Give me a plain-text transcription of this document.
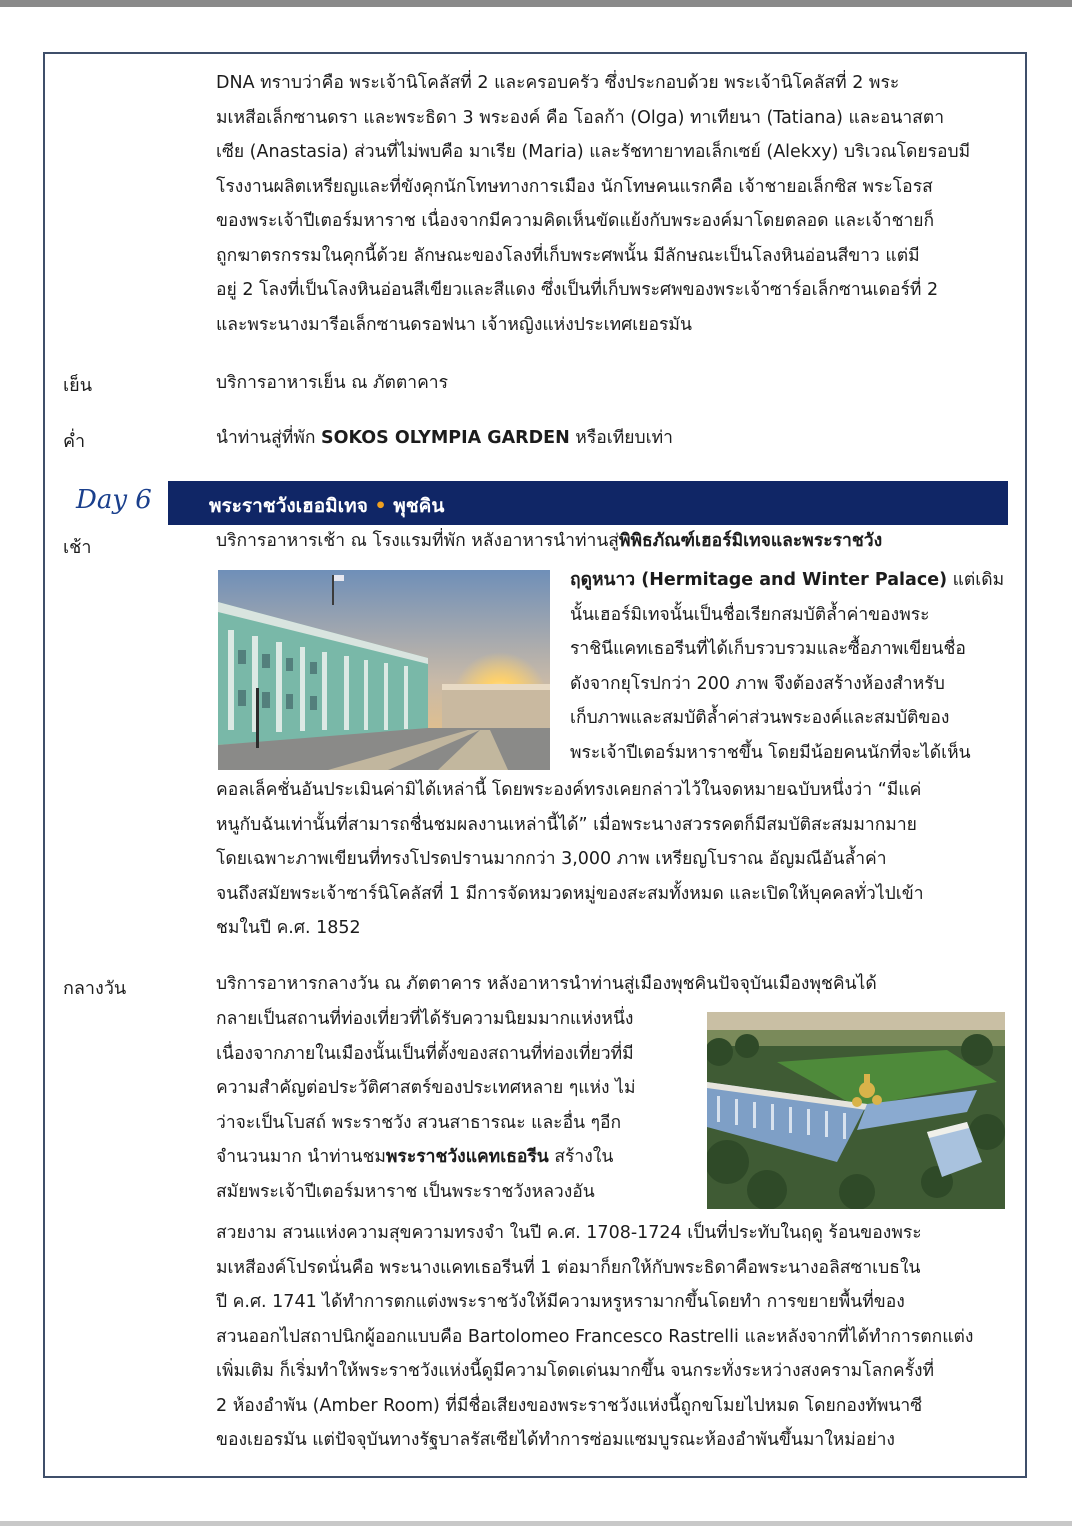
DNA ทราบว่าคือ พระเจ้านิโคลัสที่ 2 และครอบครัว ซึ่งประกอบด้วย พระเจ้านิโคลัสที่ 2 พระ
มเหสีอเล็กซานดรา และพระธิดา 3 พระองค์ คือ โอลก้า (Olga) ทาเทียนา (Tatiana) และอนาสตา
เซีย (Anastasia) ส่วนที่ไม่พบคือ มาเรีย (Maria) และรัชทายาทอเล็กเซย์ (Alekxy) บริเวณโดยรอบมี
โรงงานผลิตเหรียญและที่ขังคุกนักโทษทางการเมือง นักโทษคนแรกคือ เจ้าชายอเล็กซิส พระโอรส
ของพระเจ้าปีเตอร์มหาราช เนื่องจากมีความคิดเห็นขัดแย้งกับพระองค์มาโดยตลอด และเจ้าชายก็
ถูกฆาตรกรรมในคุกนี้ด้วย ลักษณะของโลงที่เก็บพระศพนั้น มีลักษณะเป็นโลงหินอ่อนสีขาว แต่มี
อยู่ 2 โลงที่เป็นโลงหินอ่อนสีเขียวและสีแดง ซึ่งเป็นที่เก็บพระศพของพระเจ้าซาร์อเล็กซานเดอร์ที่ 2
และพระนางมารีอเล็กซานดรอฟนา เจ้าหญิงแห่งประเทศเยอรมัน
เย็น	บริการอาหารเย็น ณ ภัตตาคาร
ค่ำ	นำท่านสู่ที่พัก SOKOS OLYMPIA GARDEN หรือเทียบเท่า
Day 6	พระราชวังเฮอมิเทจ • พุชคิน
เช้า	บริการอาหารเช้า ณ โรงแรมที่พัก หลังอาหารนำท่านสู่พิพิธภัณฑ์เฮอร์มิเทจและพระราชวัง
ฤดูหนาว (Hermitage and Winter Palace) แต่เดิม
นั้นเฮอร์มิเทจนั้นเป็นชื่อเรียกสมบัติล้ำค่าของพระ
ราชินีแคทเธอรีนที่ได้เก็บรวบรวมและซื้อภาพเขียนชื่อ
ดังจากยุโรปกว่า 200 ภาพ จึงต้องสร้างห้องสำหรับ
เก็บภาพและสมบัติล้ำค่าส่วนพระองค์และสมบัติของ
พระเจ้าปีเตอร์มหาราชขึ้น โดยมีน้อยคนนักที่จะได้เห็น
คอลเล็คชั่นอันประเมินค่ามิได้เหล่านี้ โดยพระองค์ทรงเคยกล่าวไว้ในจดหมายฉบับหนึ่งว่า “มีแค่
หนูกับฉันเท่านั้นที่สามารถชื่นชมผลงานเหล่านี้ได้” เมื่อพระนางสวรรคตก็มีสมบัติสะสมมากมาย
โดยเฉพาะภาพเขียนที่ทรงโปรดปรานมากกว่า 3,000 ภาพ เหรียญโบราณ อัญมณีอันล้ำค่า
จนถึงสมัยพระเจ้าซาร์นิโคลัสที่ 1 มีการจัดหมวดหมู่ของสะสมทั้งหมด และเปิดให้บุคคลทั่วไปเข้า
ชมในปี ค.ศ. 1852
กลางวัน	บริการอาหารกลางวัน ณ ภัตตาคาร หลังอาหารนำท่านสู่เมืองพุชคินปัจจุบันเมืองพุชคินได้
กลายเป็นสถานที่ท่องเที่ยวที่ได้รับความนิยมมากแห่งหนึ่ง
เนื่องจากภายในเมืองนั้นเป็นที่ตั้งของสถานที่ท่องเที่ยวที่มี
ความสำคัญต่อประวัติศาสตร์ของประเทศหลาย ๆแห่ง ไม่
ว่าจะเป็นโบสถ์ พระราชวัง สวนสาธารณะ และอื่น ๆอีก
จำนวนมาก นำท่านชมพระราชวังแคทเธอรีน สร้างใน
สมัยพระเจ้าปีเตอร์มหาราช เป็นพระราชวังหลวงอัน
สวยงาม สวนแห่งความสุขความทรงจำ ในปี ค.ศ. 1708-1724 เป็นที่ประทับในฤดู ร้อนของพระ
มเหสีองค์โปรดนั่นคือ พระนางแคทเธอรีนที่ 1 ต่อมาก็ยกให้กับพระธิดาคือพระนางอลิสซาเบธใน
ปี ค.ศ. 1741 ได้ทำการตกแต่งพระราชวังให้มีความหรูหรามากขึ้นโดยทำ การขยายพื้นที่ของ
สวนออกไปสถาปนิกผู้ออกแบบคือ Bartolomeo Francesco Rastrelli และหลังจากที่ได้ทำการตกแต่ง
เพิ่มเติม ก็เริ่มทำให้พระราชวังแห่งนี้ดูมีความโดดเด่นมากขึ้น จนกระทั่งระหว่างสงครามโลกครั้งที่
2 ห้องอำพัน (Amber Room) ที่มีชื่อเสียงของพระราชวังแห่งนี้ถูกขโมยไปหมด โดยกองทัพนาซี
ของเยอรมัน แต่ปัจจุบันทางรัฐบาลรัสเซียได้ทำการซ่อมแซมบูรณะห้องอำพันขึ้นมาใหม่อย่าง
